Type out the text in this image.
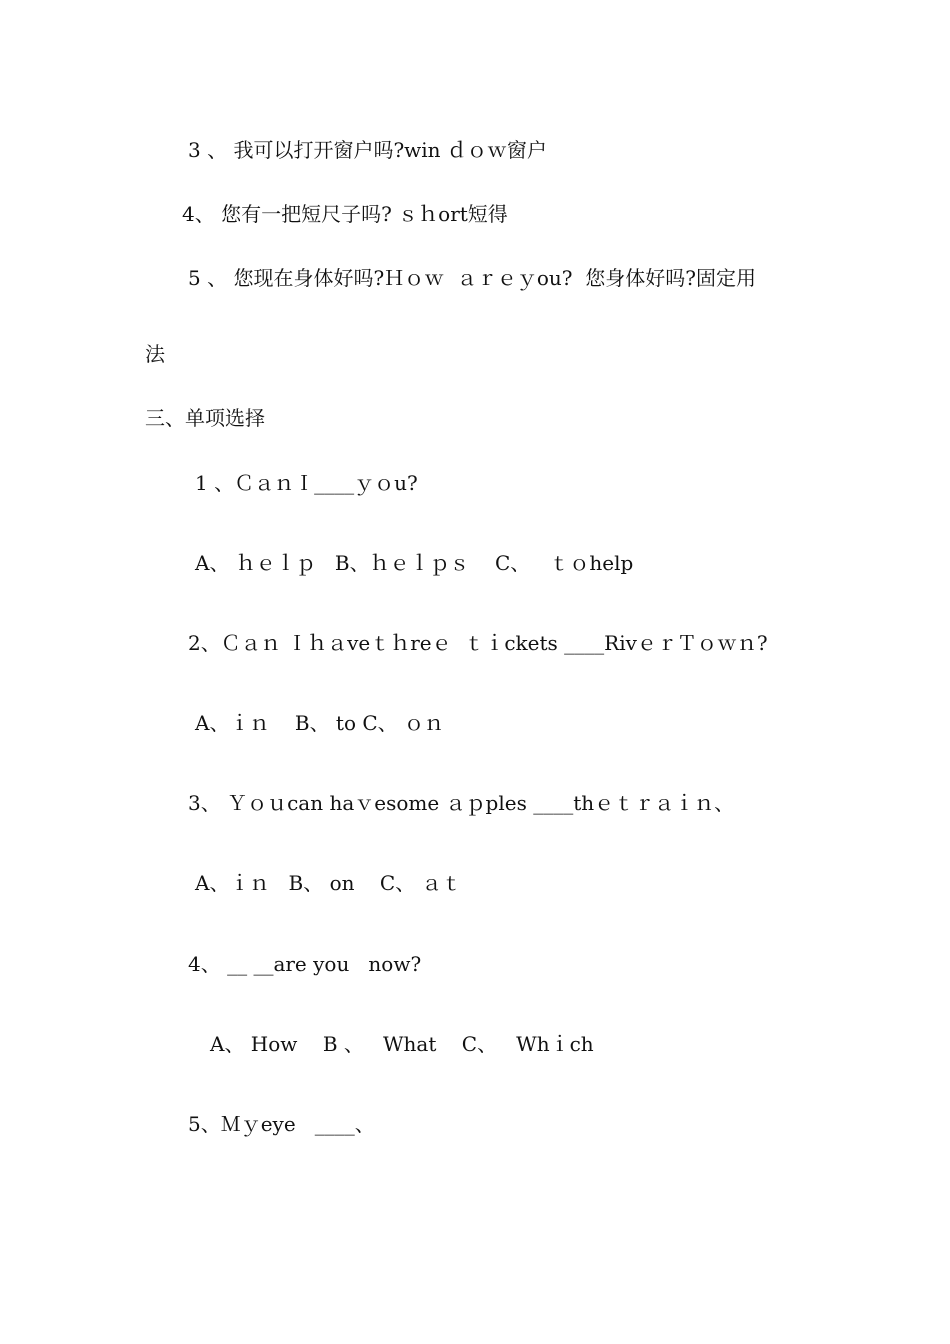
3 、 我可以打开窗户吗?win ｄｏｗ窗户
4、 您有一把短尺子吗? ｓｈort短得
5 、 您现在身体好吗?Ｈｏｗ  ａｒｅｙou?  您身体好吗?固定用
法
三、单项选择
1 、ＣａｎＩ____ｙｏu?
A、 ｈｅｌｐ   B、ｈｅｌｐｓ    C、   ｔｏhelp
2、Ｃａｎ Ｉｈａveｔｈreｅ  ｔｉckets ____RivｅｒＴｏｗｎ?
A、ｉｎ    B、 to C、 ｏｎ
3、 Ｙｏｕcan haｖesome ａｐples ____thｅｔｒａｉｎ、
A、ｉｎ   B、 on    C、 ａｔ
4、 __ __are you   now?
A、 How    B 、   What    C、   Whｉch
5、Ｍｙeye   ____、
